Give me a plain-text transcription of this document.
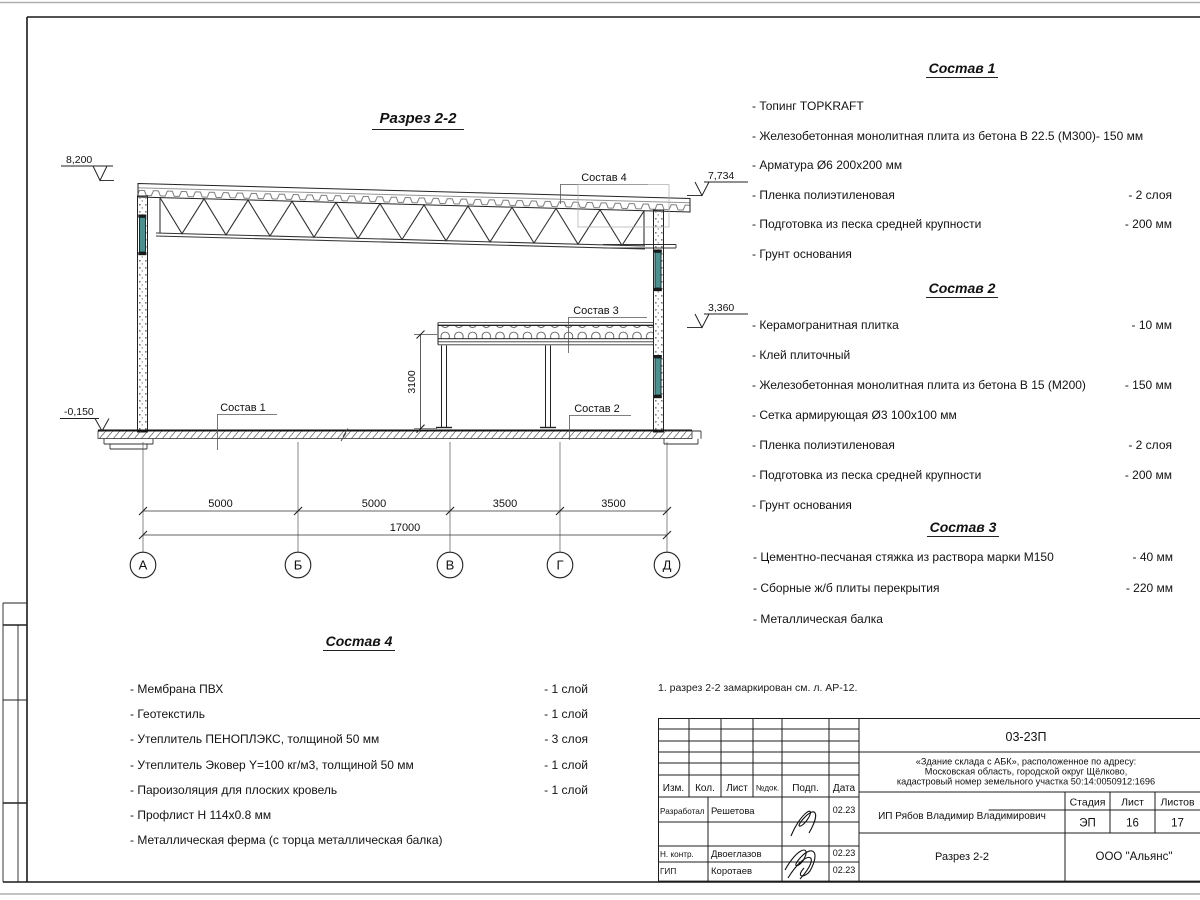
Разрез 2-2
Состав 1	Состав 2
Состав 3
Состав 4
8,200
7,734
3,360
-0,150
3100
5000	5000	3500	3500
17000
А	Б	В	Г	Д
Состав 1
- Топинг TOPKRAFT
- Железобетонная монолитная плита из бетона В 22.5 (М300)- 150 мм
- Арматура Ø6 200х200 мм
- Пленка полиэтиленовая	- 2 слоя
- Подготовка из песка средней крупности	- 200 мм
- Грунт основания
Состав 2
- Керамогранитная плитка	- 10 мм
- Клей плиточный
- Железобетонная монолитная плита из бетона В 15 (М200)	- 150 мм
- Сетка армирующая Ø3 100х100 мм
- Пленка полиэтиленовая	- 2 слоя
- Подготовка из песка средней крупности	- 200 мм
- Грунт основания
Состав 3
- Цементно-песчаная стяжка из раствора марки М150	- 40 мм
- Сборные ж/б плиты перекрытия	- 220 мм
- Металлическая балка
Состав 4
- Мембрана ПВХ	- 1 слой
- Геотекстиль	- 1 слой
- Утеплитель ПЕНОПЛЭКС, толщиной 50 мм	- 3 слоя
- Утеплитель Эковер Y=100 кг/м3, толщиной 50 мм	- 1 слой
- Пароизоляция для плоских кровель	- 1 слой
- Профлист Н 114х0.8 мм
- Металлическая ферма (с торца металлическая балка)
1. разрез 2-2 замаркирован см. л. АР-12.
Изм. Кол. Лист №док. Подп. Дата
Разработал Решетова	02.23
Н. контр. Двоеглазов	02.23
ГИП	Коротаев	02.23
03-23П
«Здание склада с АБК», расположенное по адресу:
Московская область, городской округ Щёлково,
кадастровый номер земельного участка 50:14:0050912:1696
ИП Рябов Владимир Владимирович
Стадия Лист Листов
ЭП	16	17
Разрез 2-2	ООО "Альянс"
